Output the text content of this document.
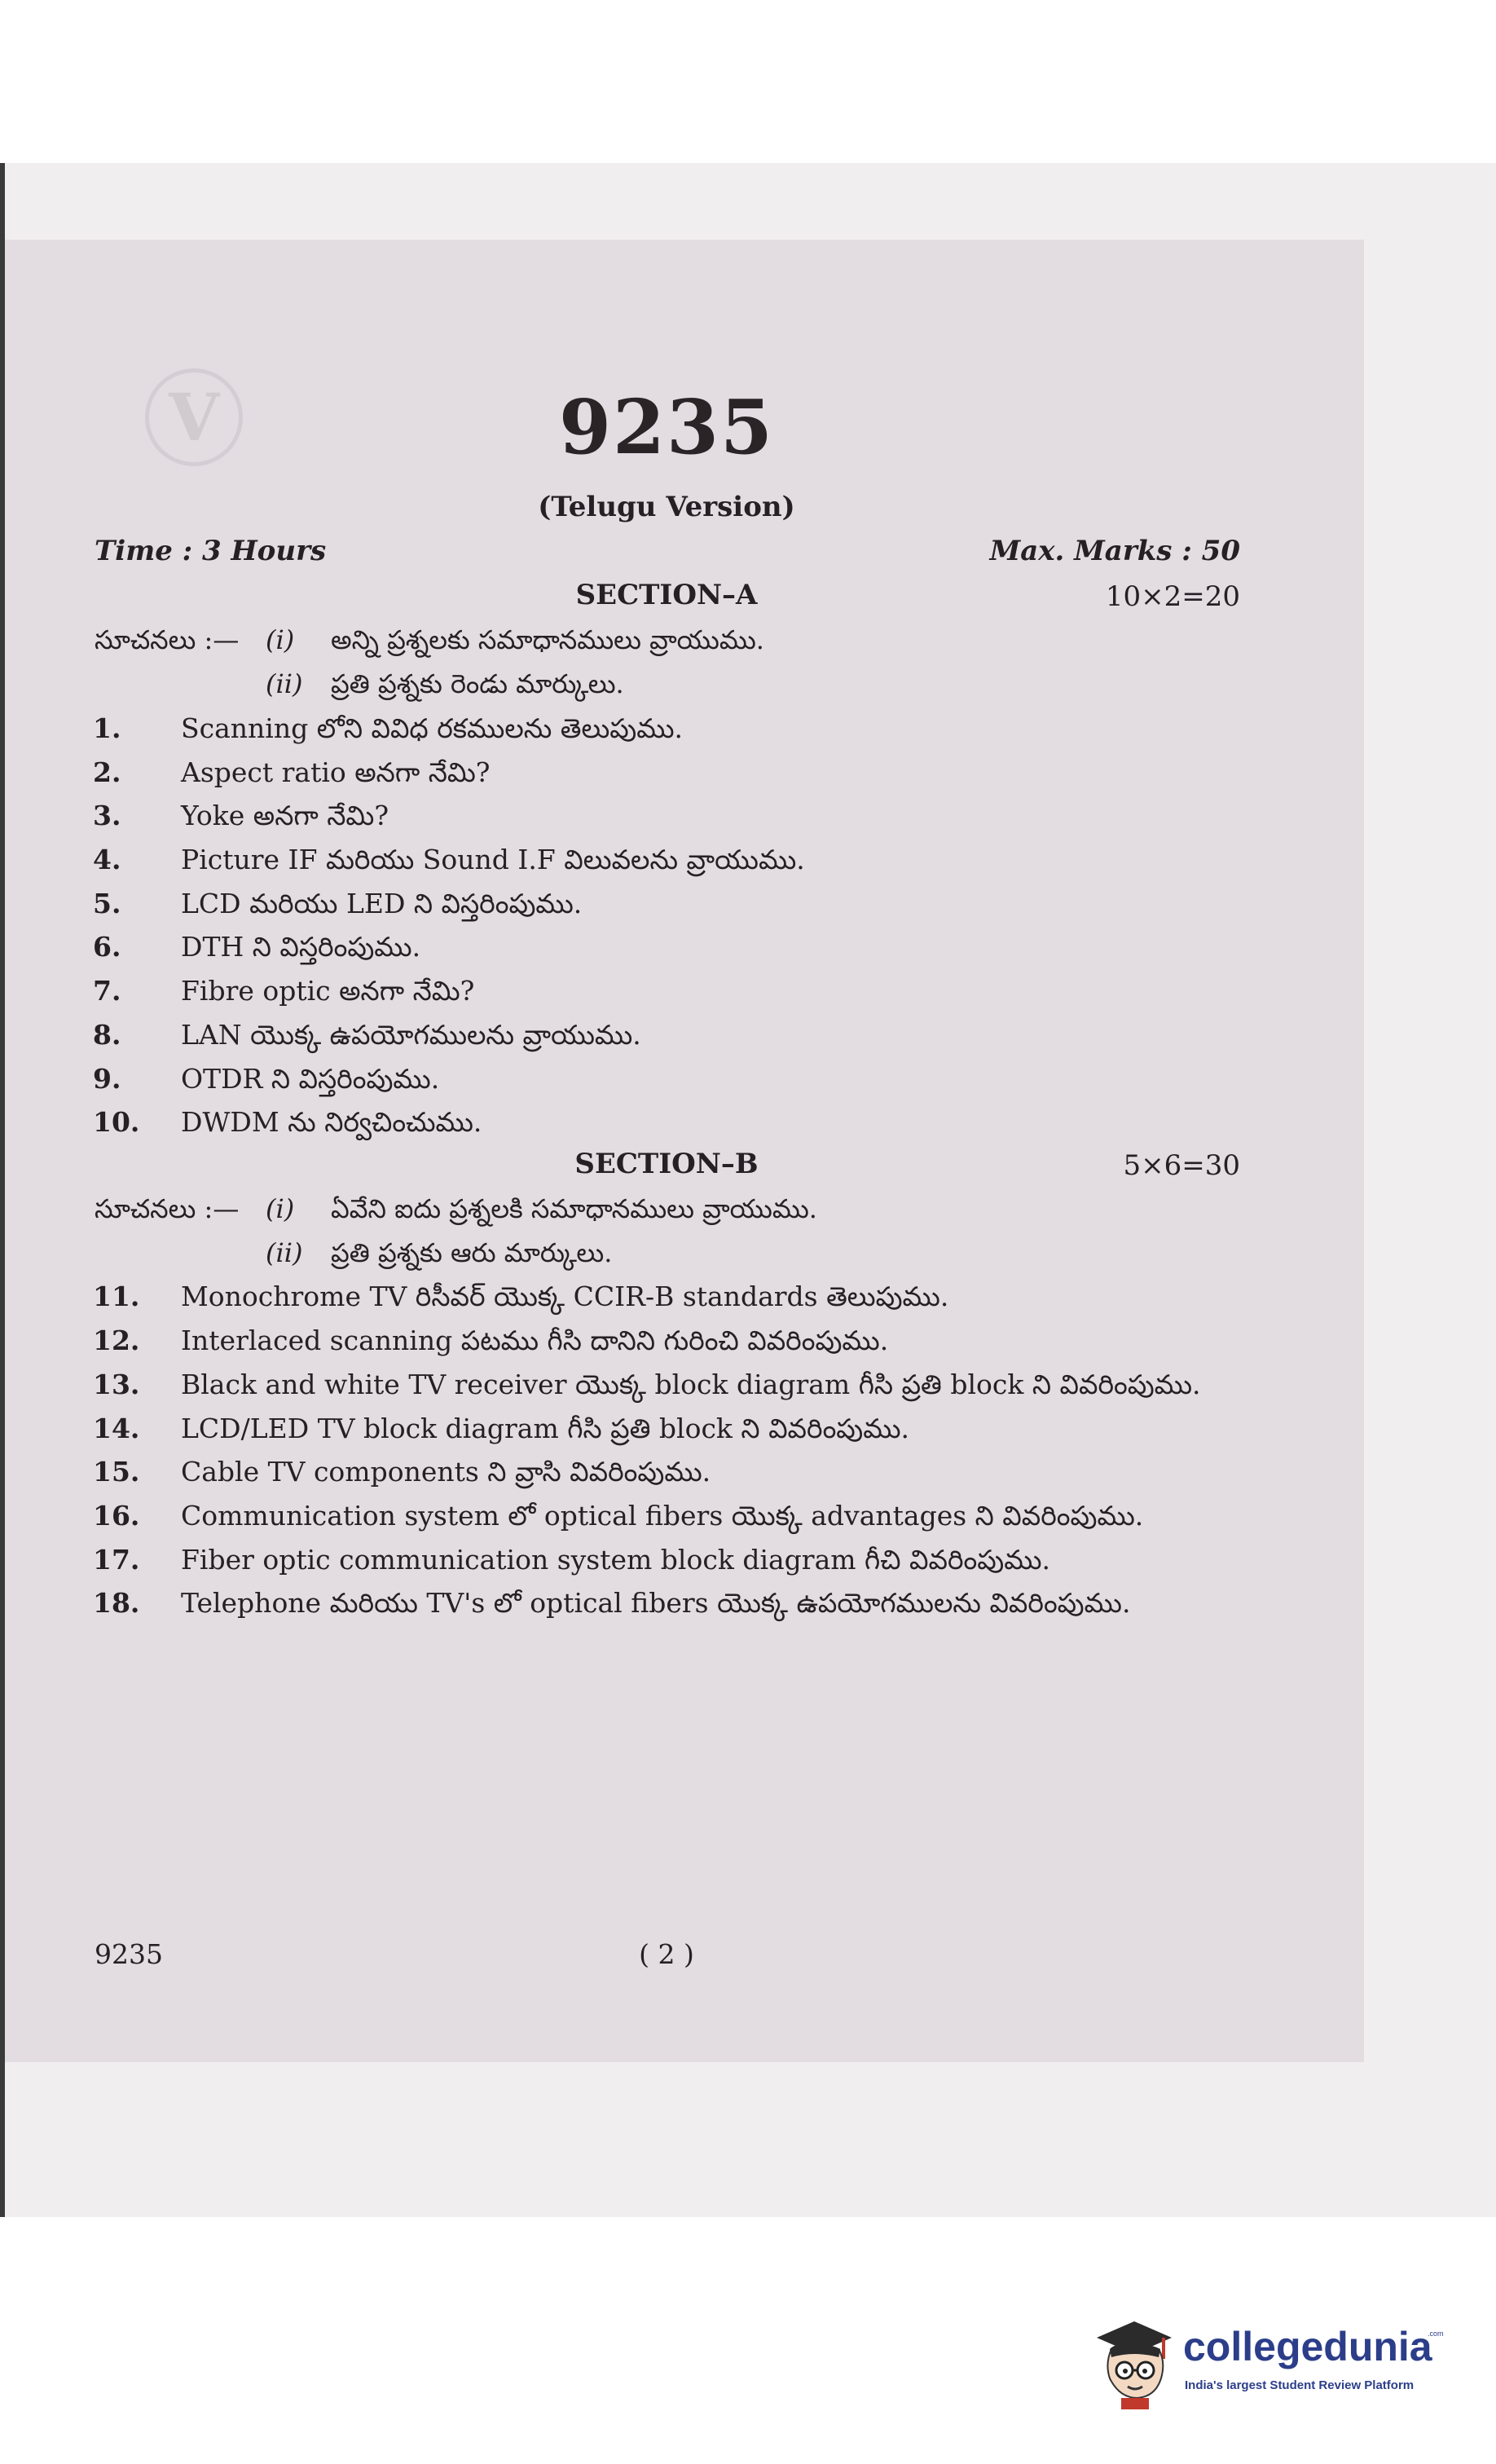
V	9235
(Telugu Version)
Time : 3 Hours	Max. Marks : 50
SECTION–A	10×2=20
సూచనలు :— (i) అన్ని ప్రశ్నలకు సమాధానములు వ్రాయుము.
(ii) ప్రతి ప్రశ్నకు రెండు మార్కులు.
1. Scanning లోని వివిధ రకములను తెలుపుము.
2. Aspect ratio అనగా నేమి?
3. Yoke అనగా నేమి?
4. Picture IF మరియు Sound I.F విలువలను వ్రాయుము.
5. LCD మరియు LED ని విస్తరింపుము.
6. DTH ని విస్తరింపుము.
7. Fibre optic అనగా నేమి?
8. LAN యొక్క ఉపయోగములను వ్రాయుము.
9. OTDR ని విస్తరింపుము.
10. DWDM ను నిర్వచించుము.
SECTION–B	5×6=30
సూచనలు :— (i) ఏవేని ఐదు ప్రశ్నలకి సమాధానములు వ్రాయుము.
(ii) ప్రతి ప్రశ్నకు ఆరు మార్కులు.
11. Monochrome TV రిసీవర్ యొక్క CCIR-B standards తెలుపుము.
12. Interlaced scanning పటము గీసి దానిని గురించి వివరింపుము.
13. Black and white TV receiver యొక్క block diagram గీసి ప్రతి block ని వివరింపుము.
14. LCD/LED TV block diagram గీసి ప్రతి block ని వివరింపుము.
15. Cable TV components ని వ్రాసి వివరింపుము.
16. Communication system లో optical fibers యొక్క advantages ని వివరింపుము.
17. Fiber optic communication system block diagram గీచి వివరింపుము.
18. Telephone మరియు TV's లో optical fibers యొక్క ఉపయోగములను వివరింపుము.
9235	( 2 )
collegedunia
.com
India's largest Student Review Platform
